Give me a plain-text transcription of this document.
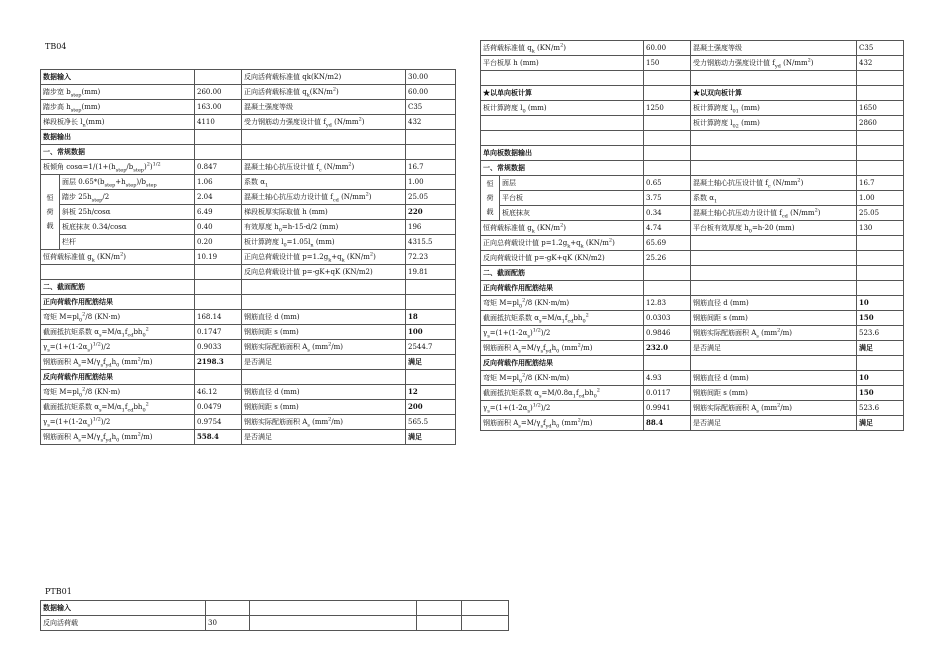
TB04
数据输入			反向活荷载标准值 qk(KN/m2)	30.00
踏步宽 $b_{step}(mm)$		260.00	正向活荷载标准值 $q_k(KN/m^2)$	60.00
踏步高 $h_{step}(mm)$		163.00	混凝土强度等级	C35
梯段板净长 $l_n(mm)$		4110	受力钢筋动力强度设计值 $f_{yd}$ $(N/mm^2)$	432
数据输出				
一、常规数据				
板倾角 $\cos\alpha=1/(1+(h_{step}/b_{step})^2)^{1/2}$		0.847	混凝土轴心抗压设计值 $f_c$ $(N/mm^2)$	16.7
恒
荷
载	面层 $0.65*(b_{step}+h_{step})/b_{step}$	1.06	系数 $\alpha_1$	1.00
	踏步 $25h_{step}/2$	2.04	混凝土轴心抗压动力设计值 $f_{cd}$ $(N/mm^2)$	25.05
	斜板 25h/cosα	6.49	梯段板厚实际取值 h (mm)	220
	板底抹灰 0.34/cosα	0.40	有效厚度 $h_0=h-15-d/2$ (mm)	196
	栏杆	0.20	板计算跨度 $l_0=1.05l_n$ (mm)	4315.5
恒荷载标准值 $g_k$ $(KN/m^2)$		10.19	正向总荷载设计值 $p=1.2g_k+q_k$ $(KN/m^2)$	72.23
			反向总荷载设计值 p=-gK+qK (KN/m2)	19.81
二、截面配筋				
正向荷载作用配筋结果				
弯矩 $M=pl_0^2/8$ (KN·m)		168.14	钢筋直径 d (mm)	18
截面抵抗矩系数 $\alpha_s=M/\alpha_1f_{cd}bh_0^2$		0.1747	钢筋间距 s (mm)	100
$\gamma_s=(1+(1-2\alpha_s)^{1/2})/2$		0.9033	钢筋实际配筋面积 $A_s$ $(mm^2/m)$	2544.7
钢筋面积 $A_s=M/\gamma_sf_{yd}h_0$ $(mm^2/m)$		2198.3	是否满足	满足
反向荷载作用配筋结果				
弯矩 $M=pl_0^2/8$ (KN·m)		46.12	钢筋直径 d (mm)	12
截面抵抗矩系数 $\alpha_s=M/\alpha_1f_{cd}bh_0^2$		0.0479	钢筋间距 s (mm)	200
$\gamma_s=(1+(1-2\alpha_s)^{1/2})/2$		0.9754	钢筋实际配筋面积 $A_s$ $(mm^2/m)$	565.5
钢筋面积 $A_s=M/\gamma_sf_{yd}h_0$ $(mm^2/m)$		558.4	是否满足	满足
活荷载标准值 $q_k$ $(KN/m^2)$		60.00	混凝土强度等级	C35
平台板厚 h (mm)		150	受力钢筋动力强度设计值 $f_{yd}$ $(N/mm^2)$	432

★以单向板计算			★以双向板计算	
板计算跨度 $l_0$ (mm)		1250	板计算跨度 $l_{01}$ (mm)	1650
			板计算跨度 $l_{02}$ (mm)	2860

单向板数据输出				
一、常规数据				
恒
荷
载	面层	0.65	混凝土轴心抗压设计值 $f_c$ $(N/mm^2)$	16.7
	平台板	3.75	系数 $\alpha_1$	1.00
	板底抹灰	0.34	混凝土轴心抗压动力设计值 $f_{cd}$ $(N/mm^2)$	25.05
恒荷载标准值 $g_k$ $(KN/m^2)$		4.74	平台板有效厚度 $h_0=h-20$ (mm)	130
正向总荷载设计值 $p=1.2g_k+q_k$ $(KN/m^2)$		65.69		
反向荷载设计值 p=-gK+qK (KN/m2)		25.26		
二、截面配筋				
正向荷载作用配筋结果				
弯矩 $M=pl_0^2/8$ (KN·m/m)		12.83	钢筋直径 d (mm)	10
截面抵抗矩系数 $\alpha_s=M/\alpha_1f_{cd}bh_0^2$		0.0303	钢筋间距 s (mm)	150
$\gamma_s=(1+(1-2\alpha_s)^{1/2})/2$		0.9846	钢筋实际配筋面积 $A_s$ $(mm^2/m)$	523.6
钢筋面积 $A_s=M/\gamma_sf_{yd}h_0$ $(mm^2/m)$		232.0	是否满足	满足
反向荷载作用配筋结果				
弯矩 $M=pl_0^2/8$ (KN·m/m)		4.93	钢筋直径 d (mm)	10
截面抵抗矩系数 $\alpha_s=M/0.8\alpha_1f_{cd}bh_0^2$		0.0117	钢筋间距 s (mm)	150
$\gamma_s=(1+(1-2\alpha_s)^{1/2})/2$		0.9941	钢筋实际配筋面积 $A_s$ $(mm^2/m)$	523.6
钢筋面积 $A_s=M/\gamma_sf_{yd}h_0$ $(mm^2/m)$		88.4	是否满足	满足
PTB01
数据输入				
反向活荷载	30			
